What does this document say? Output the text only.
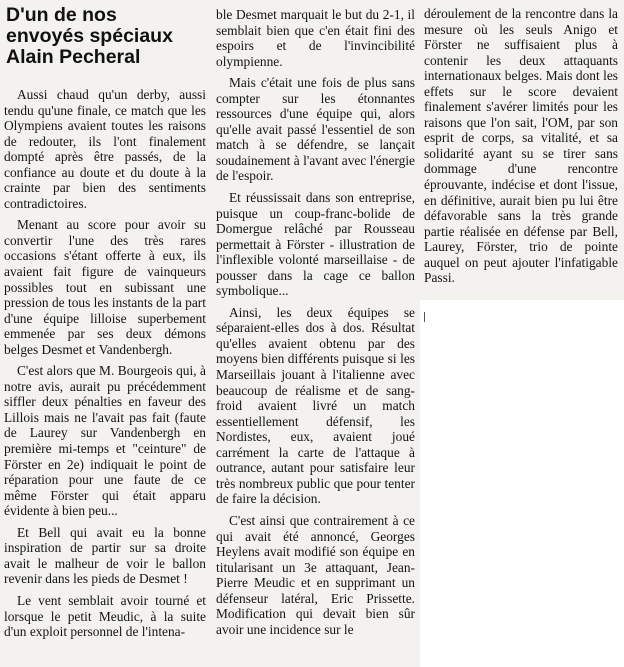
D'un de nos
envoyés spéciaux
Alain Pecheral

Aussi chaud qu'un derby, aussi tendu qu'une finale, ce match que les Olympiens avaient toutes les raisons de redouter, ils l'ont finalement dompté après être passés, de la confiance au doute et du doute à la crainte par bien des sentiments contradictoires.

Menant au score pour avoir su convertir l'une des très rares occasions s'étant offerte à eux, ils avaient fait figure de vainqueurs possibles tout en subissant une pression de tous les instants de la part d'une équipe lilloise superbement emmenée par ses deux démons belges Desmet et Vandenbergh.

C'est alors que M. Bourgeois qui, à notre avis, aurait pu précédemment siffler deux pénalties en faveur des Lillois mais ne l'avait pas fait (faute de Laurey sur Vandenbergh en première mi-temps et "ceinture" de Förster en 2e) indiquait le point de réparation pour une faute de ce même Förster qui était apparu évidente à bien peu...

Et Bell qui avait eu la bonne inspiration de partir sur sa droite avait le malheur de voir le ballon revenir dans les pieds de Desmet !

Le vent semblait avoir tourné et lorsque le petit Meudic, à la suite d'un exploit personnel de l'intena-

ble Desmet marquait le but du 2-1, il semblait bien que c'en était fini des espoirs et de l'invincibilité olympienne.

Mais c'était une fois de plus sans compter sur les étonnantes ressources d'une équipe qui, alors qu'elle avait passé l'essentiel de son match à se défendre, se lançait soudainement à l'avant avec l'énergie de l'espoir.

Et réussissait dans son entreprise, puisque un coup-franc-bolide de Domergue relâché par Rousseau permettait à Förster - illustration de l'inflexible volonté marseillaise - de pousser dans la cage ce ballon symbolique...

Ainsi, les deux équipes se séparaient-elles dos à dos. Résultat qu'elles avaient obtenu par des moyens bien différents puisque si les Marseillais jouant à l'italienne avec beaucoup de réalisme et de sang-froid avaient livré un match essentiellement défensif, les Nordistes, eux, avaient joué carrément la carte de l'attaque à outrance, autant pour satisfaire leur très nombreux public que pour tenter de faire la décision.

C'est ainsi que contrairement à ce qui avait été annoncé, Georges Heylens avait modifié son équipe en titularisant un 3e attaquant, Jean-Pierre Meudic et en supprimant un défenseur latéral, Eric Prissette. Modification qui devait bien sûr avoir une incidence sur le

déroulement de la rencontre dans la mesure où les seuls Anigo et Förster ne suffisaient plus à contenir les deux attaquants internationaux belges. Mais dont les effets sur le score devaient finalement s'avérer limités pour les raisons que l'on sait, l'OM, par son esprit de corps, sa vitalité, et sa solidarité ayant su se tirer sans dommage d'une rencontre éprouvante, indécise et dont l'issue, en définitive, aurait bien pu lui être défavorable sans la très grande partie réalisée en défense par Bell, Laurey, Förster, trio de pointe auquel on peut ajouter l'infatigable Passi.
